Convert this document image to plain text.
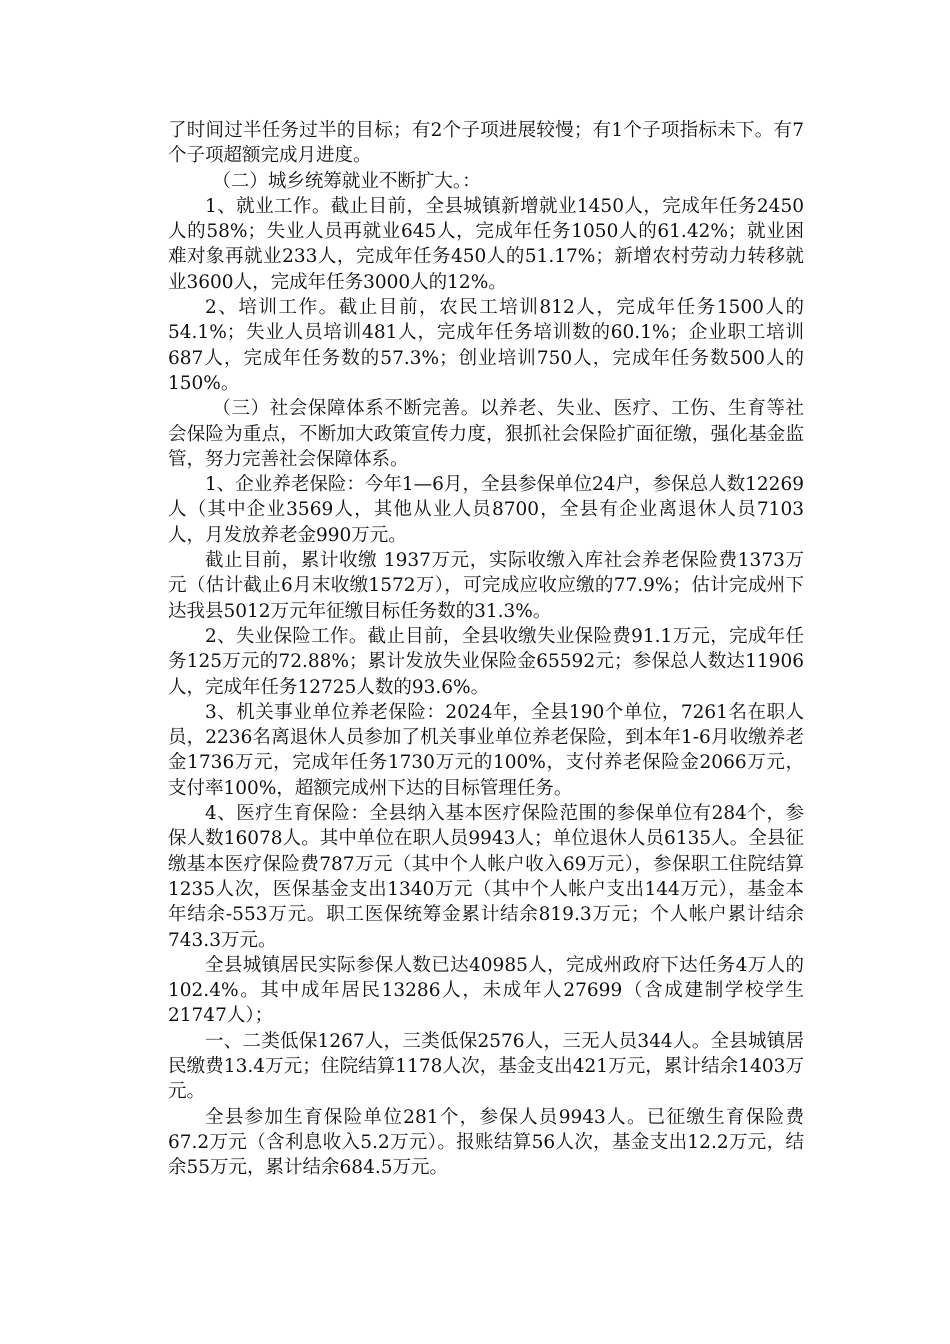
了时间过半任务过半的目标；有2个子项进展较慢；有1个子项指标未下。有7个子项超额完成月进度。

（二）城乡统筹就业不断扩大。：

1、就业工作。截止目前，全县城镇新增就业1450人，完成年任务2450人的58%；失业人员再就业645人，完成年任务1050人的61.42%；就业困难对象再就业233人，完成年任务450人的51.17%；新增农村劳动力转移就业3600人，完成年任务3000人的12%。

2、培训工作。截止目前，农民工培训812人，完成年任务1500人的54.1%；失业人员培训481人，完成年任务培训数的60.1%；企业职工培训687人，完成年任务数的57.3%；创业培训750人，完成年任务数500人的150%。

（三）社会保障体系不断完善。以养老、失业、医疗、工伤、生育等社会保险为重点，不断加大政策宣传力度，狠抓社会保险扩面征缴，强化基金监管，努力完善社会保障体系。

1、企业养老保险：今年1—6月，全县参保单位24户，参保总人数12269人（其中企业3569人，其他从业人员8700，全县有企业离退休人员7103人，月发放养老金990万元。

截止目前，累计收缴 1937万元，实际收缴入库社会养老保险费1373万元（估计截止6月末收缴1572万），可完成应收应缴的77.9%；估计完成州下达我县5012万元年征缴目标任务数的31.3%。

2、失业保险工作。截止目前，全县收缴失业保险费91.1万元，完成年任务125万元的72.88%；累计发放失业保险金65592元；参保总人数达11906人，完成年任务12725人数的93.6%。

3、机关事业单位养老保险：2024年，全县190个单位，7261名在职人员，2236名离退休人员参加了机关事业单位养老保险，到本年1-6月收缴养老金1736万元，完成年任务1730万元的100%，支付养老保险金2066万元，支付率100%，超额完成州下达的目标管理任务。

4、医疗生育保险：全县纳入基本医疗保险范围的参保单位有284个，参保人数16078人。其中单位在职人员9943人；单位退休人员6135人。全县征缴基本医疗保险费787万元（其中个人帐户收入69万元），参保职工住院结算1235人次，医保基金支出1340万元（其中个人帐户支出144万元），基金本年结余-553万元。职工医保统筹金累计结余819.3万元；个人帐户累计结余743.3万元。

全县城镇居民实际参保人数已达40985人，完成州政府下达任务4万人的102.4%。其中成年居民13286人，未成年人27699（含成建制学校学生21747人）；

一、二类低保1267人，三类低保2576人，三无人员344人。全县城镇居民缴费13.4万元；住院结算1178人次，基金支出421万元，累计结余1403万元。

全县参加生育保险单位281个，参保人员9943人。已征缴生育保险费67.2万元（含利息收入5.2万元）。报账结算56人次，基金支出12.2万元，结余55万元，累计结余684.5万元。
